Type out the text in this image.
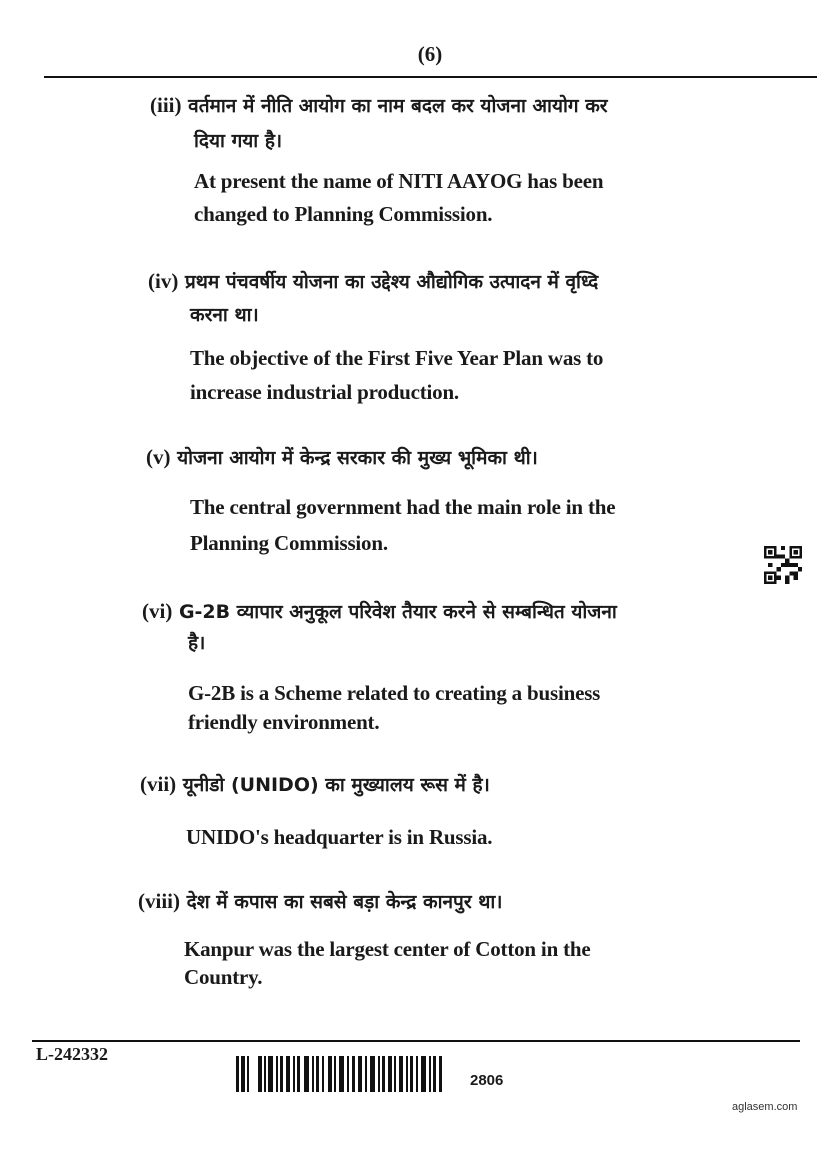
(6)
(iii) वर्तमान में नीति आयोग का नाम बदल कर योजना आयोग कर
दिया गया है।
At present the name of NITI AAYOG has been
changed to Planning Commission.
(iv) प्रथम पंचवर्षीय योजना का उद्देश्य औद्योगिक उत्पादन में वृध्दि
करना था।
The objective of the First Five Year Plan was to
increase industrial production.
(v) योजना आयोग में केन्द्र सरकार की मुख्य भूमिका थी।
The central government had the main role in the
Planning Commission.
(vi) G-2B व्यापार अनुकूल परिवेश तैयार करने से सम्बन्धित योजना
है।
G-2B is a Scheme related to creating a business
friendly environment.
(vii) यूनीडो (UNIDO) का मुख्यालय रूस में है।
UNIDO's headquarter is in Russia.
(viii) देश में कपास का सबसे बड़ा केन्द्र कानपुर था।
Kanpur was the largest center of Cotton in the
Country.
L-242332
2806
aglasem.com
